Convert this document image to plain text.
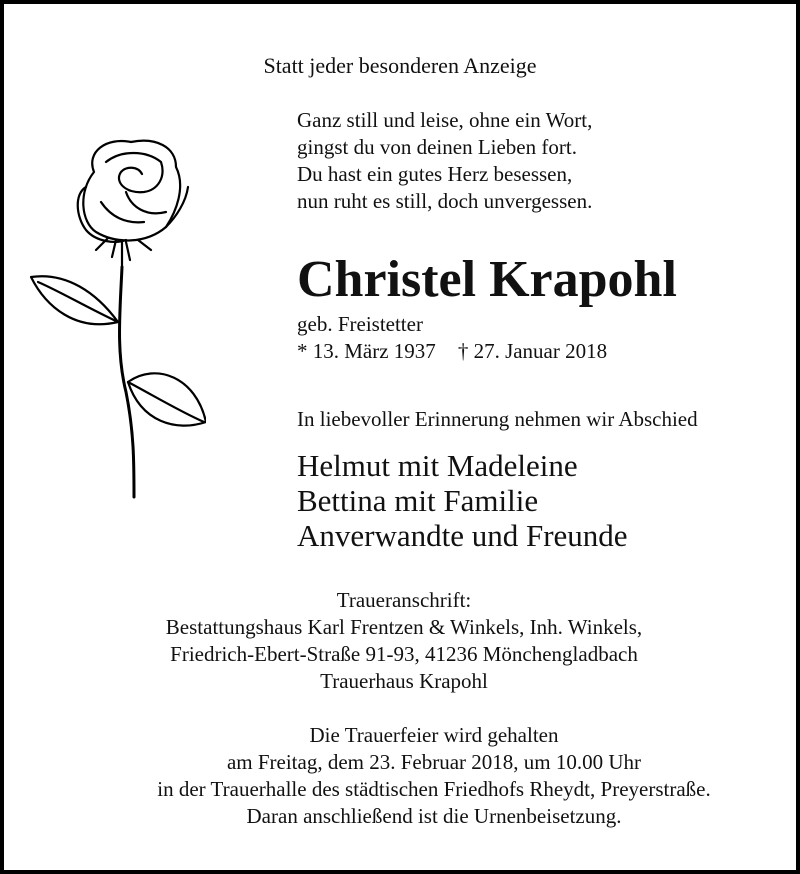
Statt jeder besonderen Anzeige

Ganz still und leise, ohne ein Wort,
gingst du von deinen Lieben fort.
Du hast ein gutes Herz besessen,
nun ruht es still, doch unvergessen.
Christel Krapohl
geb. Freistetter
* 13. März 1937 † 27. Januar 2018

In liebevoller Erinnerung nehmen wir Abschied

Helmut mit Madeleine
Bettina mit Familie
Anverwandte und Freunde
Traueranschrift:
Bestattungshaus Karl Frentzen & Winkels, Inh. Winkels,
Friedrich-Ebert-Straße 91-93, 41236 Mönchengladbach
Trauerhaus Krapohl
Die Trauerfeier wird gehalten
am Freitag, dem 23. Februar 2018, um 10.00 Uhr
in der Trauerhalle des städtischen Friedhofs Rheydt, Preyerstraße.
Daran anschließend ist die Urnenbeisetzung.
